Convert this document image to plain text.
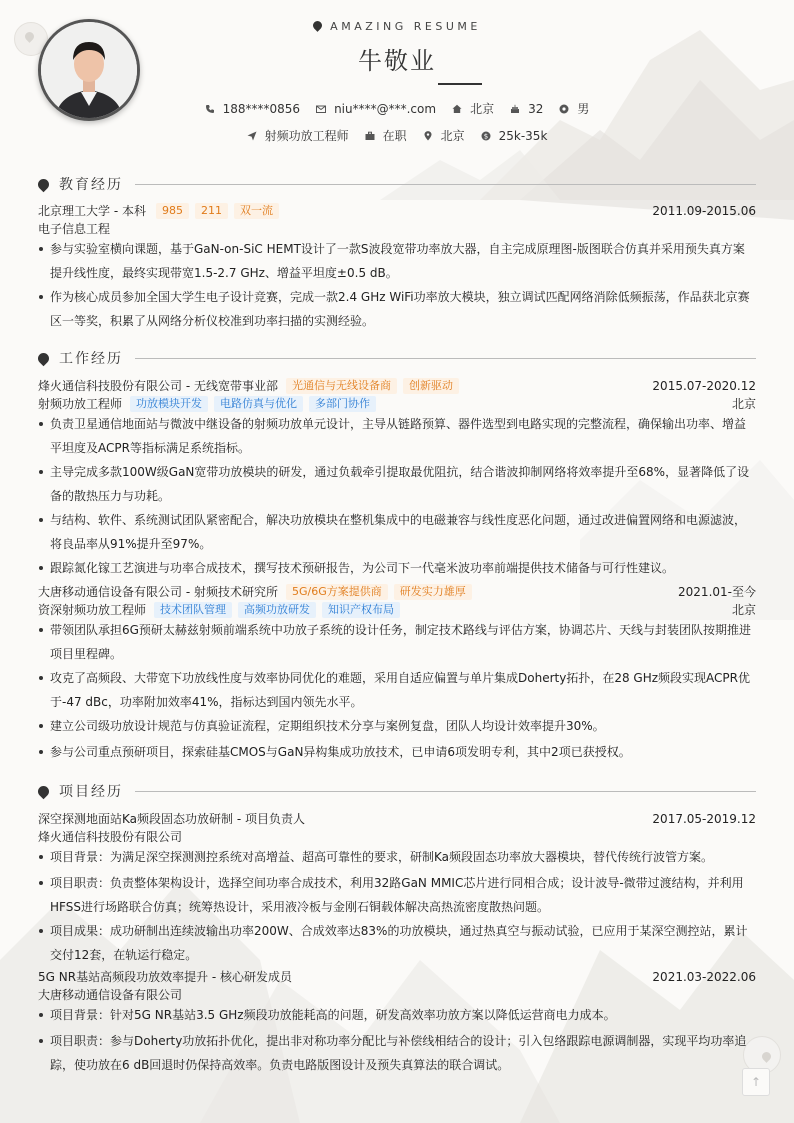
↑
AMAZING RESUME
牛敬业
188****0856	niu****@***.com	北京	32	男
射频功放工程师	在职	北京	$ 25k-35k
教育经历
北京理工大学 - 本科	985	211	双一流	2011.09-2015.06
电子信息工程
参与实验室横向课题，基于GaN-on-SiC HEMT设计了一款S波段宽带功率放大器，自主完成原理图-版图联合仿真并采用预失真方案提升线性度，最终实现带宽1.5-2.7 GHz、增益平坦度±0.5 dB。
作为核心成员参加全国大学生电子设计竞赛，完成一款2.4 GHz WiFi功率放大模块，独立调试匹配网络消除低频振荡，作品获北京赛区一等奖，积累了从网络分析仪校准到功率扫描的实测经验。
工作经历
烽火通信科技股份有限公司 - 无线宽带事业部	光通信与无线设备商	创新驱动	2015.07-2020.12
射频功放工程师	功放模块开发	电路仿真与优化	多部门协作	北京
负责卫星通信地面站与微波中继设备的射频功放单元设计，主导从链路预算、器件选型到电路实现的完整流程，确保输出功率、增益平坦度及ACPR等指标满足系统指标。
主导完成多款100W级GaN宽带功放模块的研发，通过负载牵引提取最优阻抗，结合谐波抑制网络将效率提升至68%，显著降低了设备的散热压力与功耗。
与结构、软件、系统测试团队紧密配合，解决功放模块在整机集成中的电磁兼容与线性度恶化问题，通过改进偏置网络和电源滤波，将良品率从91%提升至97%。
跟踪氮化镓工艺演进与功率合成技术，撰写技术预研报告，为公司下一代毫米波功率前端提供技术储备与可行性建议。
大唐移动通信设备有限公司 - 射频技术研究所	5G/6G方案提供商	研发实力雄厚	2021.01-至今
资深射频功放工程师	技术团队管理	高频功放研发	知识产权布局	北京
带领团队承担6G预研太赫兹射频前端系统中功放子系统的设计任务，制定技术路线与评估方案，协调芯片、天线与封装团队按期推进项目里程碑。
攻克了高频段、大带宽下功放线性度与效率协同优化的难题，采用自适应偏置与单片集成Doherty拓扑，在28 GHz频段实现ACPR优于-47 dBc，功率附加效率41%，指标达到国内领先水平。
建立公司级功放设计规范与仿真验证流程，定期组织技术分享与案例复盘，团队人均设计效率提升30%。
参与公司重点预研项目，探索硅基CMOS与GaN异构集成功放技术，已申请6项发明专利，其中2项已获授权。
项目经历
深空探测地面站Ka频段固态功放研制 - 项目负责人	2017.05-2019.12
烽火通信科技股份有限公司
项目背景：为满足深空探测测控系统对高增益、超高可靠性的要求，研制Ka频段固态功率放大器模块，替代传统行波管方案。
项目职责：负责整体架构设计，选择空间功率合成技术，利用32路GaN MMIC芯片进行同相合成；设计波导-微带过渡结构，并利用HFSS进行场路联合仿真；统筹热设计，采用液冷板与金刚石铜载体解决高热流密度散热问题。
项目成果：成功研制出连续波输出功率200W、合成效率达83%的功放模块，通过热真空与振动试验，已应用于某深空测控站，累计交付12套，在轨运行稳定。
5G NR基站高频段功放效率提升 - 核心研发成员	2021.03-2022.06
大唐移动通信设备有限公司
项目背景：针对5G NR基站3.5 GHz频段功放能耗高的问题，研发高效率功放方案以降低运营商电力成本。
项目职责：参与Doherty功放拓扑优化，提出非对称功率分配比与补偿线相结合的设计；引入包络跟踪电源调制器，实现平均功率追踪，使功放在6 dB回退时仍保持高效率。负责电路版图设计及预失真算法的联合调试。
